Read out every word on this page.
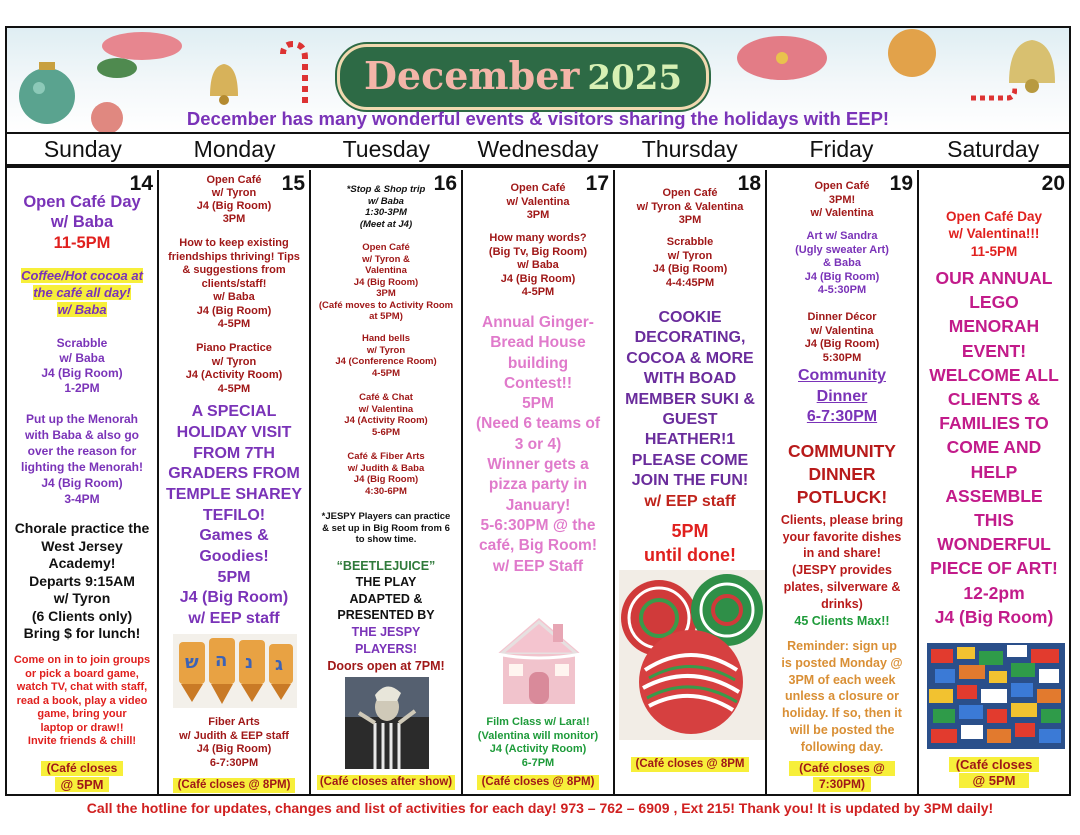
December 2025
December has many wonderful events & visitors sharing the holidays with EEP!
Sunday	Monday	Tuesday	Wednesday	Thursday	Friday	Saturday
14
Open Café Day
w/ Baba
11-5PM
Coffee/Hot cocoa at
the café all day!
w/ Baba
Scrabble
w/ Baba
J4 (Big Room)
1-2PM
Put up the Menorah
with Baba & also go
over the reason for
lighting the Menorah!
J4 (Big Room)
3-4PM
Chorale practice the
West Jersey
Academy!
Departs 9:15AM
w/ Tyron
(6 Clients only)
Bring $ for lunch!
Come on in to join groups
or pick a board game,
watch TV, chat with staff,
read a book, play a video
game, bring your
laptop or draw!!
Invite friends & chill!
(Café closes
@ 5PM
15
Open Café
w/ Tyron
J4 (Big Room)
3PM
How to keep existing
friendships thriving! Tips
& suggestions from
clients/staff!
w/ Baba
J4 (Big Room)
4-5PM
Piano Practice
w/ Tyron
J4 (Activity Room)
4-5PM
A SPECIAL
HOLIDAY VISIT
FROM 7TH
GRADERS FROM
TEMPLE SHAREY
TEFILO!
Games &
Goodies!
5PM
J4 (Big Room)
w/ EEP staff
ש ה נ ג
Fiber Arts
w/ Judith & EEP staff
J4 (Big Room)
6-7:30PM
(Café closes @ 8PM)
16
*Stop & Shop trip
w/ Baba
1:30-3PM
(Meet at J4)
Open Café
w/ Tyron &
Valentina
J4 (Big Room)
3PM
(Café moves to Activity Room
at 5PM)
Hand bells
w/ Tyron
J4 (Conference Room)
4-5PM
Café & Chat
w/ Valentina
J4 (Activity Room)
5-6PM
Café & Fiber Arts
w/ Judith & Baba
J4 (Big Room)
4:30-6PM
*JESPY Players can practice
& set up in Big Room from 6
to show time.
“BEETLEJUICE”
THE PLAY
ADAPTED &
PRESENTED BY
THE JESPY
PLAYERS!
Doors open at 7PM!
(Café closes after show)
17
Open Café
w/ Valentina
3PM
How many words?
(Big Tv, Big Room)
w/ Baba
J4 (Big Room)
4-5PM
Annual Ginger-
Bread House
building
Contest!!
5PM
(Need 6 teams of
3 or 4)
Winner gets a
pizza party in
January!
5-6:30PM @ the
café, Big Room!
w/ EEP Staff
Film Class w/ Lara!!
(Valentina will monitor)
J4 (Activity Room)
6-7PM
(Café closes @ 8PM)
18
Open Café
w/ Tyron & Valentina
3PM
Scrabble
w/ Tyron
J4 (Big Room)
4-4:45PM
COOKIE
DECORATING,
COCOA & MORE
WITH BOAD
MEMBER SUKI &
GUEST
HEATHER!1
PLEASE COME
JOIN THE FUN!
w/ EEP staff
5PM
until done!
(Café closes @ 8PM
19
Open Café
3PM!
w/ Valentina
Art w/ Sandra
(Ugly sweater Art)
& Baba
J4 (Big Room)
4-5:30PM
Dinner Décor
w/ Valentina
J4 (Big Room)
5:30PM
Community
Dinner
6-7:30PM
COMMUNITY
DINNER
POTLUCK!
Clients, please bring
your favorite dishes
in and share!
(JESPY provides
plates, silverware &
drinks)
45 Clients Max!!
Reminder: sign up
is posted Monday @
3PM of each week
unless a closure or
holiday. If so, then it
will be posted the
following day.
(Café closes @
7:30PM)
20
Open Café Day
w/ Valentina!!!
11-5PM
OUR ANNUAL
LEGO
MENORAH
EVENT!
WELCOME ALL
CLIENTS &
FAMILIES TO
COME AND
HELP
ASSEMBLE
THIS
WONDERFUL
PIECE OF ART!
12-2pm
J4 (Big Room)
(Café closes
@ 5PM
Call the hotline for updates, changes and list of activities for each day! 973 – 762 – 6909 , Ext 215! Thank you! It is updated by 3PM daily!
